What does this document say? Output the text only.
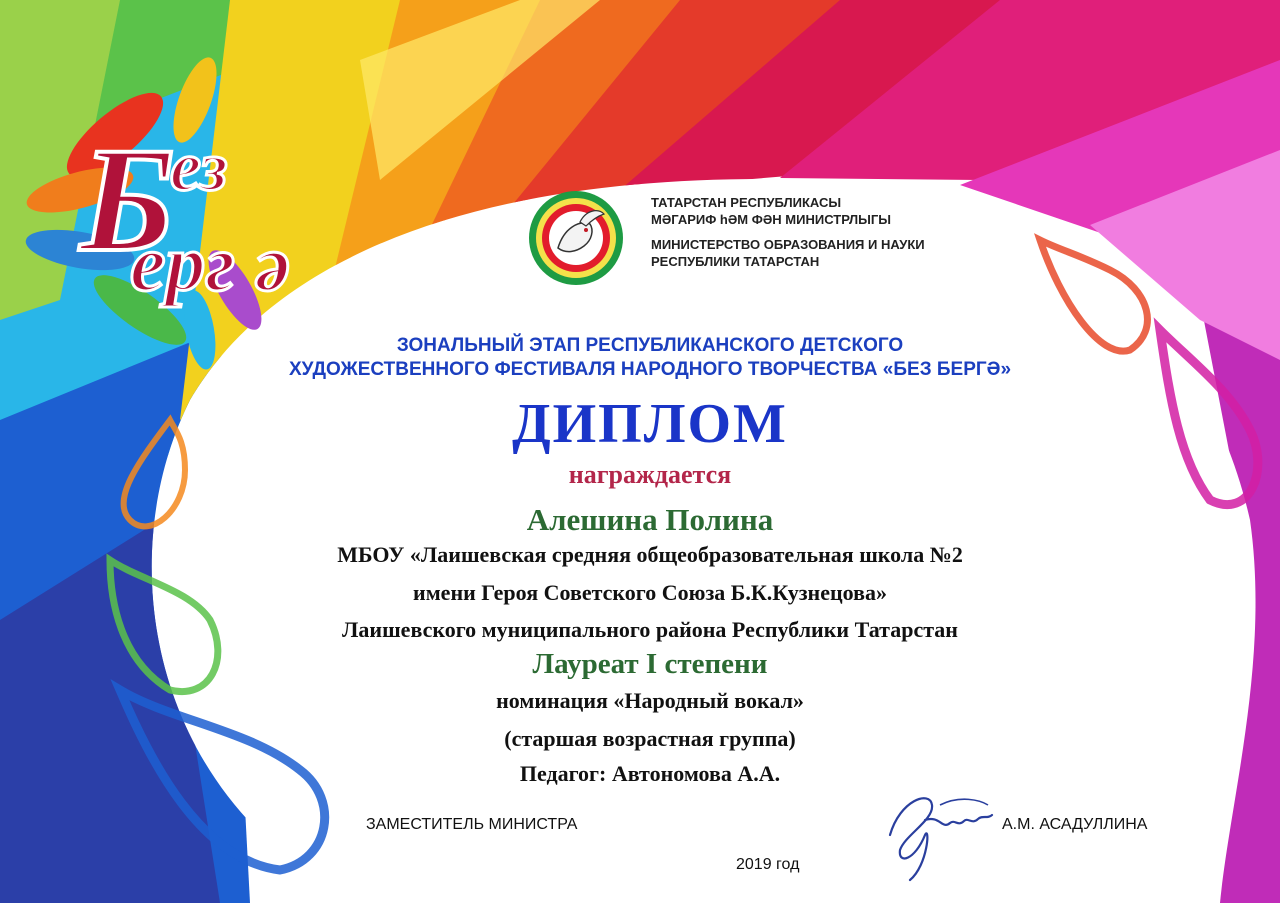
Б
ез
ерг ә
ТАТАРСТАН РЕСПУБЛИКАСЫ
МӘГАРИФ һӘМ ФӘН МИНИСТРЛЫГЫ
МИНИСТЕРСТВО ОБРАЗОВАНИЯ И НАУКИ
РЕСПУБЛИКИ ТАТАРСТАН
ЗОНАЛЬНЫЙ ЭТАП РЕСПУБЛИКАНСКОГО ДЕТСКОГО
ХУДОЖЕСТВЕННОГО ФЕСТИВАЛЯ НАРОДНОГО ТВОРЧЕСТВА «БЕЗ БЕРГӘ»
ДИПЛОМ
награждается
Алешина Полина
МБОУ «Лаишевская средняя общеобразовательная школа №2
имени Героя Советского Союза Б.К.Кузнецова»
Лаишевского муниципального района Республики Татарстан
Лауреат I степени
номинация «Народный вокал»
(старшая возрастная группа)
Педагог: Автономова А.А.
ЗАМЕСТИТЕЛЬ МИНИСТРА	А.М. АСАДУЛЛИНА
2019 год
